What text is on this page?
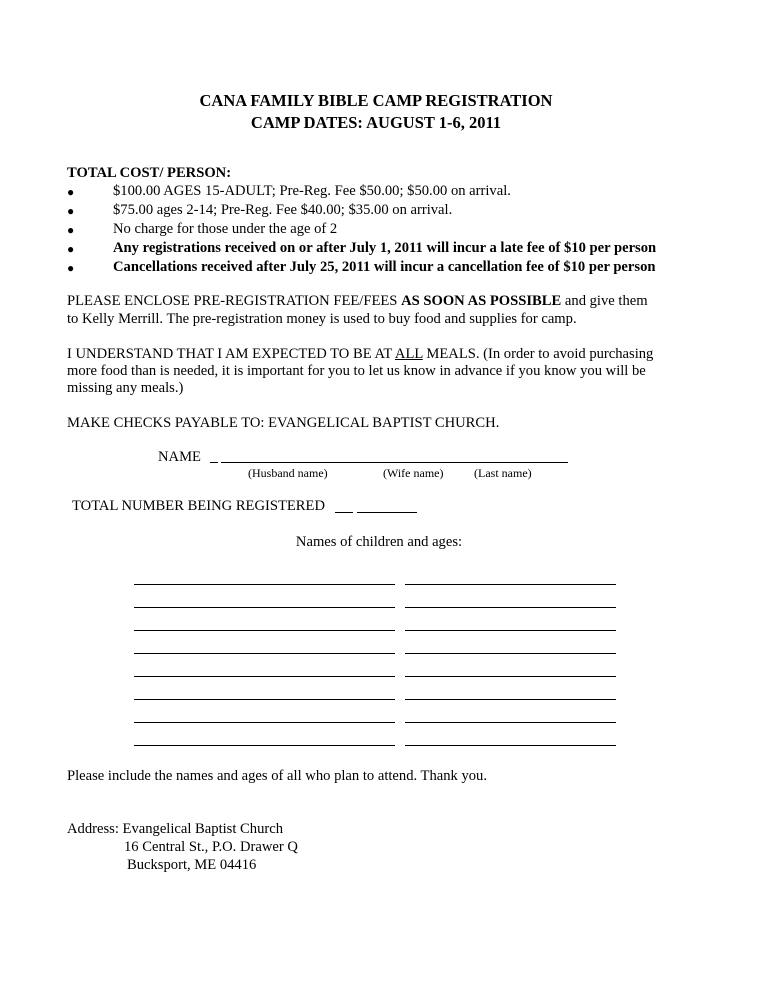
CANA FAMILY BIBLE CAMP REGISTRATION
CAMP DATES: AUGUST 1-6, 2011
TOTAL COST/ PERSON:
●	$100.00 AGES 15-ADULT; Pre-Reg. Fee $50.00; $50.00 on arrival.
●	$75.00 ages 2-14; Pre-Reg. Fee $40.00; $35.00 on arrival.
●	No charge for those under the age of 2
●	Any registrations received on or after July 1, 2011 will incur a late fee of $10 per person
●	Cancellations received after July 25, 2011 will incur a cancellation fee of $10 per person
PLEASE ENCLOSE PRE-REGISTRATION FEE/FEES AS SOON AS POSSIBLE and give them
to Kelly Merrill. The pre-registration money is used to buy food and supplies for camp.
I UNDERSTAND THAT I AM EXPECTED TO BE AT ALL MEALS. (In order to avoid purchasing
more food than is needed, it is important for you to let us know in advance if you know you will be
missing any meals.)
MAKE CHECKS PAYABLE TO: EVANGELICAL BAPTIST CHURCH.
NAME
(Husband name)	(Wife name)	(Last name)
TOTAL NUMBER BEING REGISTERED
Names of children and ages:
Please include the names and ages of all who plan to attend. Thank you.
Address: Evangelical Baptist Church
16 Central St., P.O. Drawer Q
Bucksport, ME 04416
